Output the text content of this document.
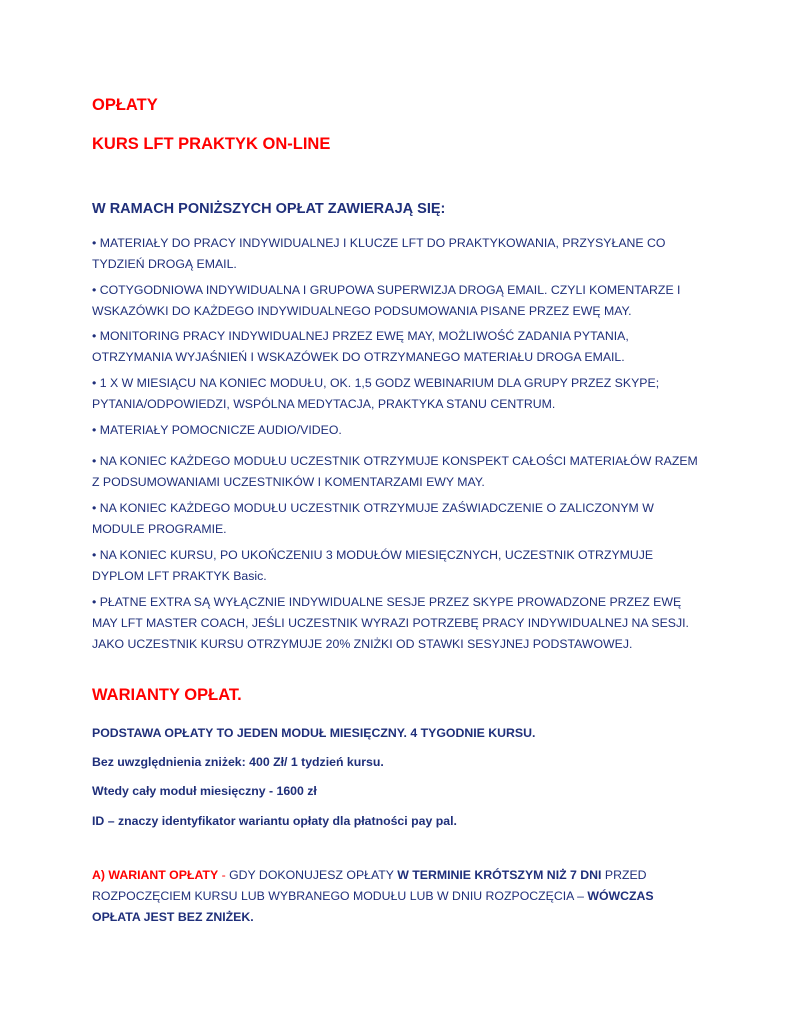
OPŁATY
KURS LFT PRAKTYK ON-LINE
W RAMACH PONIŻSZYCH OPŁAT ZAWIERAJĄ SIĘ:
• MATERIAŁY DO PRACY INDYWIDUALNEJ I KLUCZE LFT DO PRAKTYKOWANIA, PRZYSYŁANE CO TYDZIEŃ DROGĄ EMAIL.
• COTYGODNIOWA INDYWIDUALNA I GRUPOWA SUPERWIZJA DROGĄ EMAIL. CZYLI KOMENTARZE I WSKAZÓWKI DO KAŻDEGO INDYWIDUALNEGO PODSUMOWANIA PISANE PRZEZ EWĘ MAY.
• MONITORING PRACY INDYWIDUALNEJ PRZEZ EWĘ MAY, MOŻLIWOŚĆ ZADANIA PYTANIA, OTRZYMANIA WYJAŚNIEŃ I WSKAZÓWEK DO OTRZYMANEGO MATERIAŁU DROGA EMAIL.
• 1 X W MIESIĄCU NA KONIEC MODUŁU, OK. 1,5 GODZ WEBINARIUM DLA GRUPY PRZEZ SKYPE; PYTANIA/ODPOWIEDZI, WSPÓLNA MEDYTACJA, PRAKTYKA STANU CENTRUM.
• MATERIAŁY POMOCNICZE AUDIO/VIDEO.
• NA KONIEC KAŻDEGO MODUŁU UCZESTNIK OTRZYMUJE KONSPEKT CAŁOŚCI MATERIAŁÓW RAZEM Z PODSUMOWANIAMI UCZESTNIKÓW I KOMENTARZAMI EWY MAY.
• NA KONIEC KAŻDEGO MODUŁU UCZESTNIK OTRZYMUJE ZAŚWIADCZENIE O ZALICZONYM W MODULE PROGRAMIE.
• NA KONIEC KURSU, PO UKOŃCZENIU 3 MODUŁÓW MIESIĘCZNYCH, UCZESTNIK OTRZYMUJE DYPLOM LFT PRAKTYK Basic.
• PŁATNE EXTRA SĄ WYŁĄCZNIE INDYWIDUALNE SESJE PRZEZ SKYPE PROWADZONE PRZEZ EWĘ MAY LFT MASTER COACH, JEŚLI UCZESTNIK WYRAZI POTRZEBĘ PRACY INDYWIDUALNEJ NA SESJI. JAKO UCZESTNIK KURSU OTRZYMUJE 20% ZNIŻKI OD STAWKI SESYJNEJ PODSTAWOWEJ.
WARIANTY OPŁAT.
PODSTAWA OPŁATY TO JEDEN MODUŁ MIESIĘCZNY. 4 TYGODNIE KURSU.
Bez uwzględnienia zniżek: 400 Zł/ 1 tydzień kursu.
Wtedy cały moduł miesięczny - 1600 zł
ID – znaczy identyfikator wariantu opłaty dla płatności pay pal.
A) WARIANT OPŁATY - GDY DOKONUJESZ OPŁATY W TERMINIE KRÓTSZYM NIŻ 7 DNI PRZED ROZPOCZĘCIEM KURSU LUB WYBRANEGO MODUŁU LUB W DNIU ROZPOCZĘCIA – WÓWCZAS OPŁATA JEST BEZ ZNIŻEK.
